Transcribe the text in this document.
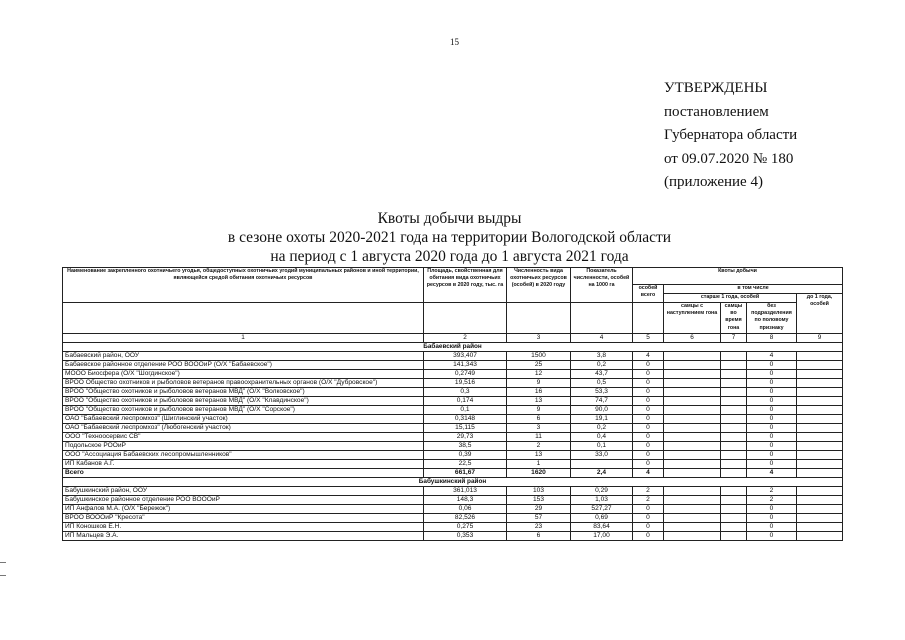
15
УТВЕРЖДЕНЫ
постановлением
Губернатора области
от 09.07.2020 № 180
(приложение 4)
Квоты добычи выдры
в сезоне охоты 2020-2021 года на территории Вологодской области
на период с 1 августа 2020 года до 1 августа 2021 года
Наименование закрепленного охотничьего угодья, общедоступных охотничьих угодий муниципальных районов и иной территории, являющейся средой обитания охотничьих ресурсов	Площадь, свойственная для обитания вида охотничьих ресурсов в 2020 году, тыс. га	Численность вида охотничьих ресурсов (особей) в 2020 году	Показатель численности, особей на 1000 га	Квоты добычи				
				особей всего	в том числе			
					старше 1 года, особей			до 1 года, особей
					самцы с наступлением гона	самцы во время гона	без подразделения по половому признаку	
1	2	3	4	5	6	7	8	9
Бабаевский район								
Бабаевский район, ООУ	393,407	1500	3,8	4			4	
Бабаевское районное отделение РОО ВОООиР (О/Х "Бабаевское")	141,343	25	0,2	0			0	
МООО Биосфера (О/Х "Шогдинское")	0,2749	12	43,7	0			0	
ВРОО Общество охотников и рыболовов ветеранов правоохранительных органов (О/Х "Дубровское")	19,516	9	0,5	0			0	
ВРОО "Общество охотников и рыболовов ветеранов МВД" (О/Х "Волковское")	0,3	16	53,3	0			0	
ВРОО "Общество охотников и рыболовов ветеранов МВД" (О/Х "Клавдинское")	0,174	13	74,7	0			0	
ВРОО "Общество охотников и рыболовов ветеранов МВД" (О/Х "Сорское")	0,1	9	90,0	0			0	
ОАО "Бабаевский леспромхоз" (Шиглинский участок)	0,3148	6	19,1	0			0	
ОАО "Бабаевский леспромхоз" (Любогенский участок)	15,115	3	0,2	0			0	
ООО "Техноосервис СВ"	29,73	11	0,4	0			0	
Подольское РООиР	38,5	2	0,1	0			0	
ООО "Ассоциация Бабаевских лесопромышленников"	0,39	13	33,0	0			0	
ИП Кабанов А.Г.	22,5	1		0			0	
Всего	661,67	1620	2,4	4			4	
Бабушкинский район								
Бабушкинский район, ООУ	361,013	103	0,29	2			2	
Бабушкинское районное отделение РОО ВОООиР	148,3	153	1,03	2			2	
ИП Анфалов М.А. (О/Х "Бережок")	0,06	29	527,27	0			0	
ВРОО ВОООиР "Кресота"	82,526	57	0,69	0			0	
ИП Коношков Е.Н.	0,275	23	83,64	0			0	
ИП Мальцев Э.А.	0,353	6	17,00	0			0	
